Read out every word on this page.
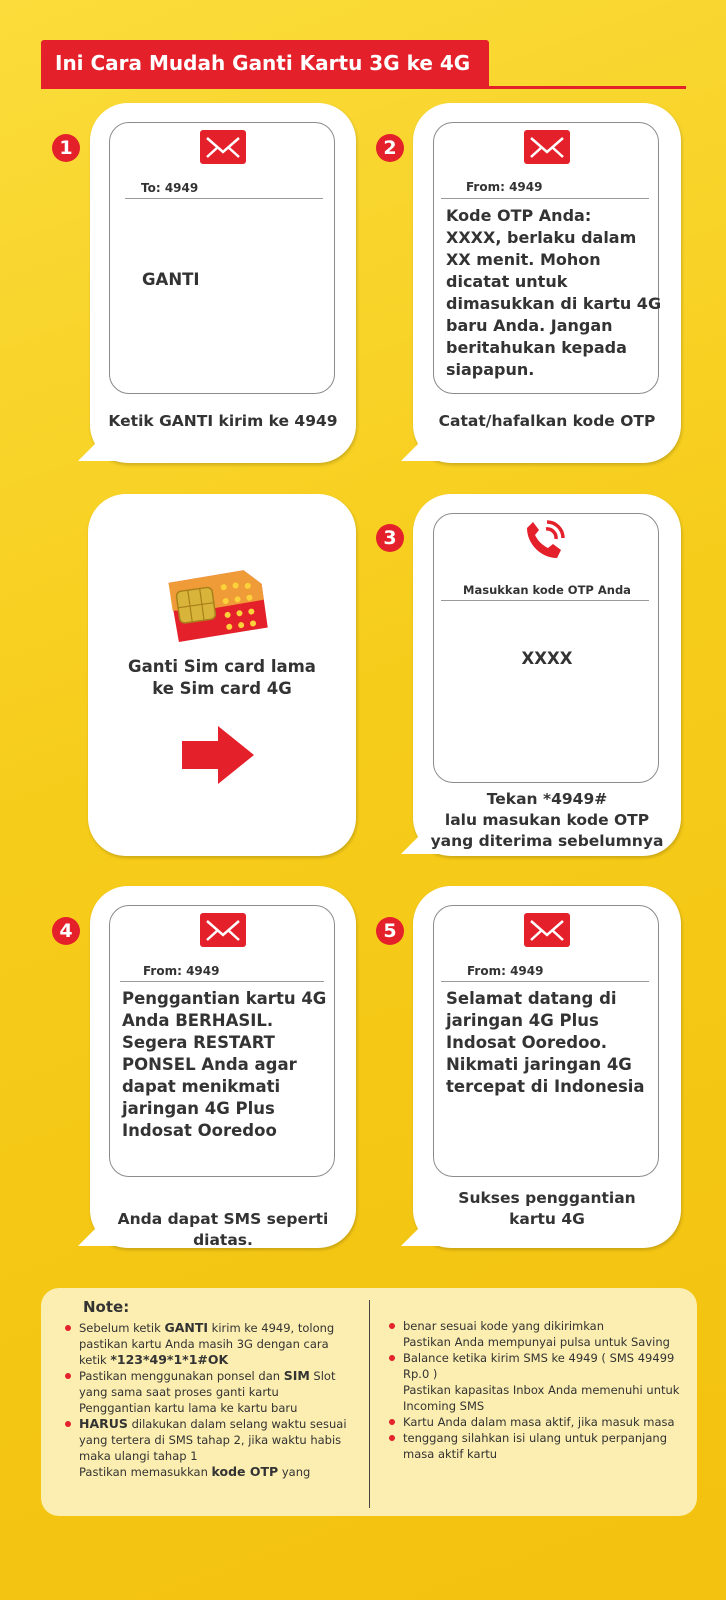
Ini Cara Mudah Ganti Kartu 3G ke 4G
1
To: 4949
GANTI
Ketik GANTI kirim ke 4949
2
From: 4949
Kode OTP Anda:
XXXX, berlaku dalam
XX menit. Mohon
dicatat untuk
dimasukkan di kartu 4G
baru Anda. Jangan
beritahukan kepada
siapapun.
Catat/hafalkan kode OTP
Ganti Sim card lama
ke Sim card 4G
3
Masukkan kode OTP Anda
XXXX
Tekan *4949#
lalu masukan kode OTP
yang diterima sebelumnya
4
From: 4949
Penggantian kartu 4G
Anda BERHASIL.
Segera RESTART
PONSEL Anda agar
dapat menikmati
jaringan 4G Plus
Indosat Ooredoo

Anda dapat SMS seperti diatas.

5
From: 4949
Selamat datang di
jaringan 4G Plus
Indosat Ooredoo.
Nikmati jaringan 4G
tercepat di Indonesia
Sukses penggantian
kartu 4G
Note:
Sebelum ketik GANTI kirim ke 4949, tolong pastikan kartu Anda masih 3G dengan cara ketik *123*49*1*1#OK
Pastikan menggunakan ponsel dan SIM Slot yang sama saat proses ganti kartu
Penggantian kartu lama ke kartu baru
HARUS dilakukan dalam selang waktu sesuai yang tertera di SMS tahap 2, jika waktu habis maka ulangi tahap 1
Pastikan memasukkan kode OTP yang
benar sesuai kode yang dikirimkan
Pastikan Anda mempunyai pulsa untuk Saving
Balance ketika kirim SMS ke 4949 ( SMS 49499 Rp.0 )
Pastikan kapasitas Inbox Anda memenuhi untuk Incoming SMS
Kartu Anda dalam masa aktif, jika masuk masa
tenggang silahkan isi ulang untuk perpanjang masa aktif kartu
